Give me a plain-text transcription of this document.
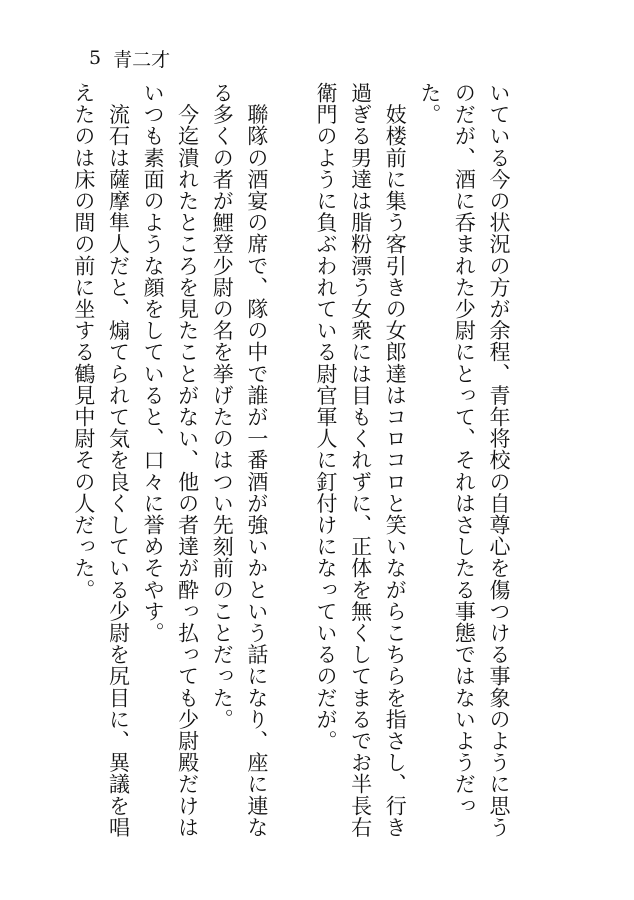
5 青二才

いている今の状況の方が余程、青年将校の自尊心を傷つける事象のように思う

のだが、酒に呑まれた少尉にとって、それはさしたる事態ではないようだった。

　妓楼前に集う客引きの女郎達はコロコロと笑いながらこちらを指さし、行き

過ぎる男達は脂粉漂う女衆には目もくれずに、正体を無くしてまるでお半長右

衛門のように負ぶわれている尉官軍人に釘付けになっているのだが。

　聯隊の酒宴の席で、隊の中で誰が一番酒が強いかという話になり、座に連な

る多くの者が鯉登少尉の名を挙げたのはつい先刻前のことだった。

　今迄潰れたところを見たことがない、他の者達が酔っ払っても少尉殿だけは

いつも素面のような顔をしていると、口々に誉めそやす。

　流石は薩摩隼人だと、煽てられて気を良くしている少尉を尻目に、異議を唱

えたのは床の間の前に坐する鶴見中尉その人だった。
